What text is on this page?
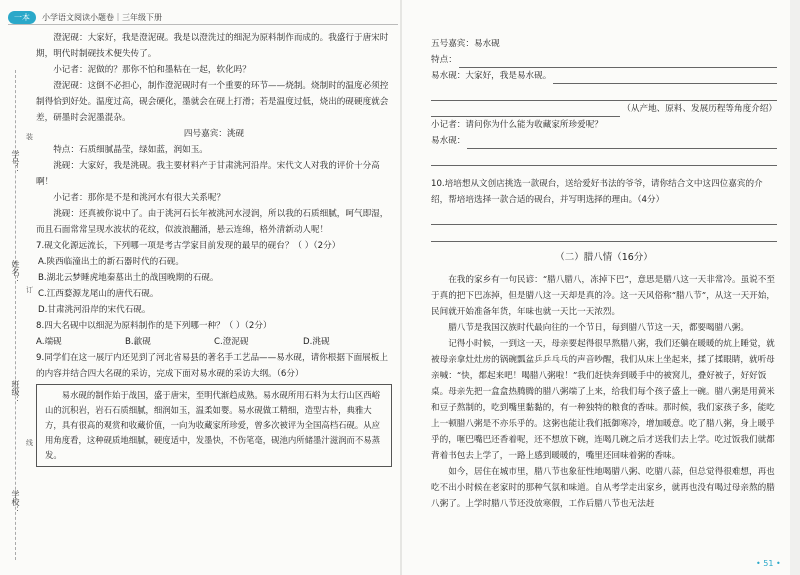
一本	小学语文阅读小题卷｜三年级下册
学号：
姓名：
班级：
学校：
装
订
线

澄泥砚：大家好，我是澄泥砚。我是以澄洗过的细泥为原料制作而成的。我盛行于唐宋时期，明代时制砚技术便失传了。

小记者：泥做的？那你不怕和墨粘在一起，软化吗？

澄泥砚：这倒不必担心，制作澄泥砚时有一个重要的环节——烧制。烧制时的温度必须控制得恰到好处。温度过高，砚会硬化，墨就会在砚上打滑；若是温度过低，烧出的砚硬度就会差，研墨时会泥墨混杂。

四号嘉宾：洮砚

特点：石质细腻晶莹，绿如蓝，润如玉。

洮砚：大家好，我是洮砚。我主要材料产于甘肃洮河沿岸。宋代文人对我的评价十分高啊！

小记者：那你是不是和洮河水有很大关系呢？

洮砚：还真被你说中了。由于洮河石长年被洮河水浸润，所以我的石质细腻，呵气即湿，而且石面常常呈现水波状的花纹，似波浪翻涌，悬云连绵，格外清新动人呢！

7.砚文化源远流长，下列哪一项是考古学家目前发现的最早的砚台？（ ）（2分）

A.陕西临潼出土的新石器时代的石砚。

B.湖北云梦睡虎地秦墓出土的战国晚期的石砚。

C.江西婺源龙尾山的唐代石砚。

D.甘肃洮河沿岸的宋代石砚。

8.四大名砚中以细泥为原料制作的是下列哪一种？（ ）（2分）

A.端砚	B.歙砚	C.澄泥砚	D.洮砚

9.同学们在这一展厅内还见到了河北省易县的著名手工艺品——易水砚，请你根据下面展板上的内容并结合四大名砚的采访，完成下面对易水砚的采访大纲。（6分）

易水砚的制作始于战国，盛于唐宋，至明代渐趋成熟。易水砚所用石料为太行山区西峪山的沉积岩，岩石石质细腻，细润如玉，温柔如婴。易水砚做工精细，造型古朴，典雅大方，具有很高的观赏和收藏价值，一向为收藏家所珍爱，曾多次被评为全国高档石砚。从应用角度看，这种砚质地细腻，硬度适中，发墨快，不伤笔毫，砚池内所储墨汁滋润而不易蒸发。

五号嘉宾：易水砚

特点：
易水砚：大家好，我是易水砚。
（从产地、原料、发展历程等角度介绍）

小记者：请问你为什么能为收藏家所珍爱呢？

易水砚：

10.培培想从文创店挑选一款砚台，送给爱好书法的爷爷，请你结合文中这四位嘉宾的介绍，帮培培选择一款合适的砚台，并写明选择的理由。（4分）

（二）腊八情（16分）

在我的家乡有一句民谚：“腊八腊八，冻掉下巴”，意思是腊八这一天非常冷。虽说不至于真的把下巴冻掉，但是腊八这一天却是真的冷。这一天风俗称“腊八节”，从这一天开始，民间就开始准备年货，年味也就一天比一天浓烈。

腊八节是我国汉族时代最向往的一个节日，每到腊八节这一天，都要喝腊八粥。

记得小时候，一到这一天，母亲要起得很早熬腊八粥，我们还躺在暖暖的炕上睡觉，就被母亲拿灶灶房的锅碗瓢盆乒乒乓乓的声音吵醒，我们从床上坐起来，揉了揉眼睛，就听母亲喊：“快，都起来吧！喝腊八粥啦！”我们赶快奔到暖手中的被窝儿，叠好被子，好好饭桌。母亲先把一盒盒热腾腾的腊八粥端了上来，给我们每个孩子盛上一碗。腊八粥是用黄米和豆子熬制的，吃到嘴里黏黏的，有一种独特的粮食的香味。那时候，我们家孩子多，能吃上一顿腊八粥是不亦乐乎的。这粥也能让我们抵御寒冷，增加暖意。吃了腊八粥，身上暖乎乎的，咂巴嘴巴还香着呢，还不想放下碗，连喝几碗之后才送我们去上学。吃过饭我们就都背着书包去上学了，一路上感到暖暖的，嘴里还回味着粥的香味。

如今，居住在城市里，腊八节也象征性地喝腊八粥、吃腊八蒜，但总觉得很难想，再也吃不出小时候在老家时的那种气氛和味道。自从考学走出家乡，就再也没有喝过母亲熬的腊八粥了。上学时腊八节还没放寒假，工作后腊八节也无法赶

• 51 •
